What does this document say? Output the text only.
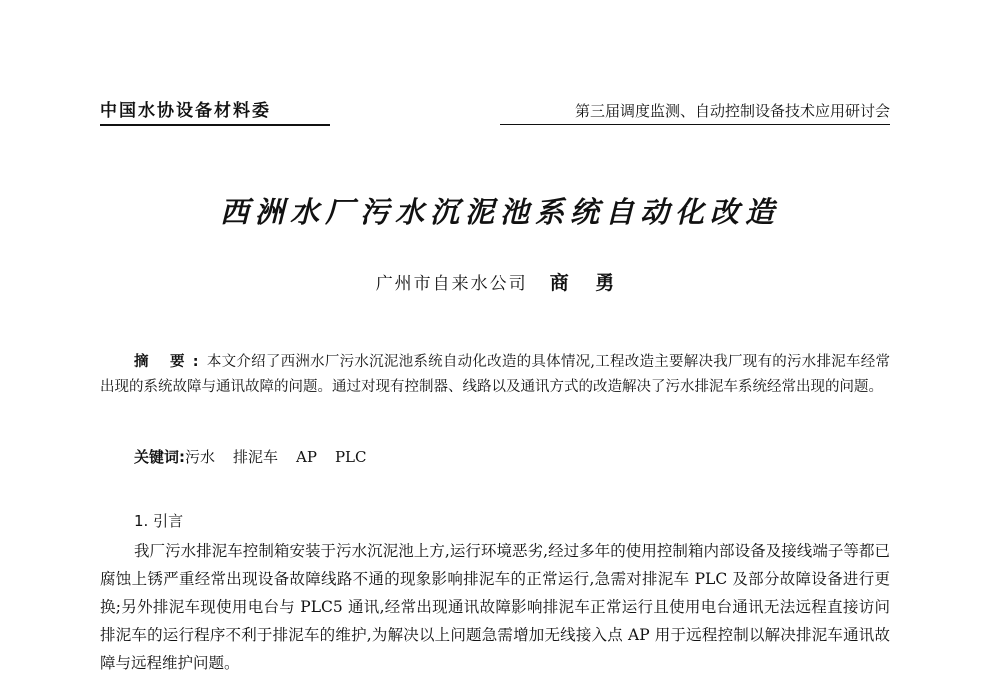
中国水协设备材料委	第三届调度监测、自动控制设备技术应用研讨会
西洲水厂污水沉泥池系统自动化改造
广州市自来水公司 商 勇
摘 要:本文介绍了西洲水厂污水沉泥池系统自动化改造的具体情况,工程改造主要解决我厂现有的污水排泥车经常出现的系统故障与通讯故障的问题。通过对现有控制器、线路以及通讯方式的改造解决了污水排泥车系统经常出现的问题。
关键词:污水 排泥车 AP PLC
1. 引言
我厂污水排泥车控制箱安装于污水沉泥池上方,运行环境恶劣,经过多年的使用控制箱内部设备及接线端子等都已腐蚀上锈严重经常出现设备故障线路不通的现象影响排泥车的正常运行,急需对排泥车 PLC 及部分故障设备进行更换;另外排泥车现使用电台与 PLC5 通讯,经常出现通讯故障影响排泥车正常运行且使用电台通讯无法远程直接访问排泥车的运行程序不利于排泥车的维护,为解决以上问题急需增加无线接入点 AP 用于远程控制以解决排泥车通讯故障与远程维护问题。
